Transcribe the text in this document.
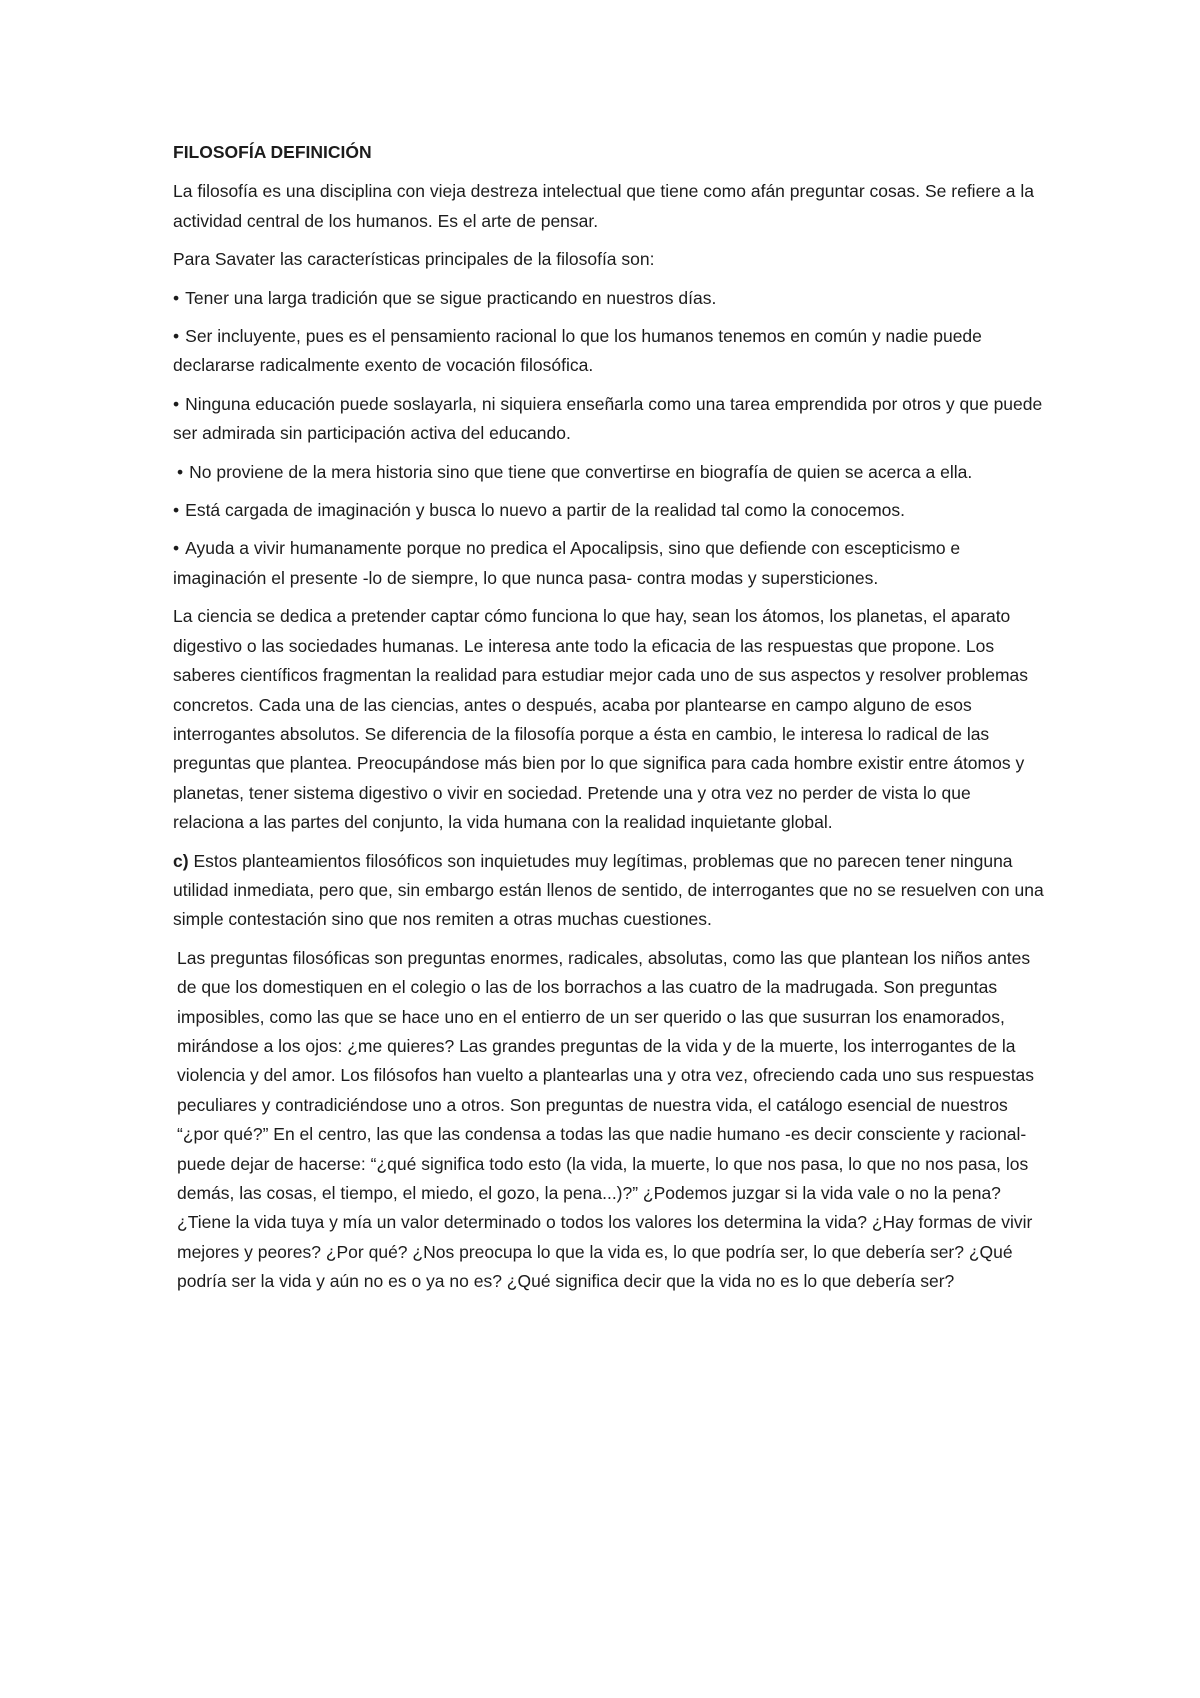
FILOSOFÍA DEFINICIÓN

La filosofía es una disciplina con vieja destreza intelectual que tiene como afán preguntar cosas. Se refiere a la actividad central de los humanos. Es el arte de pensar.

Para Savater las características principales de la filosofía son:

• Tener una larga tradición que se sigue practicando en nuestros días.

• Ser incluyente, pues es el pensamiento racional lo que los humanos tenemos en común y nadie puede declararse radicalmente exento de vocación filosófica.

• Ninguna educación puede soslayarla, ni siquiera enseñarla como una tarea emprendida por otros y que puede ser admirada sin participación activa del educando.

• No proviene de la mera historia sino que tiene que convertirse en biografía de quien se acerca a ella.

• Está cargada de imaginación y busca lo nuevo a partir de la realidad tal como la conocemos.

• Ayuda a vivir humanamente porque no predica el Apocalipsis, sino que defiende con escepticismo e imaginación el presente -lo de siempre, lo que nunca pasa- contra modas y supersticiones.

La ciencia se dedica a pretender captar cómo funciona lo que hay, sean los átomos, los planetas, el aparato digestivo o las sociedades humanas. Le interesa ante todo la eficacia de las respuestas que propone. Los saberes científicos fragmentan la realidad para estudiar mejor cada uno de sus aspectos y resolver problemas concretos. Cada una de las ciencias, antes o después, acaba por plantearse en campo alguno de esos interrogantes absolutos. Se diferencia de la filosofía porque a ésta en cambio, le interesa lo radical de las preguntas que plantea. Preocupándose más bien por lo que significa para cada hombre existir entre átomos y planetas, tener sistema digestivo o vivir en sociedad. Pretende una y otra vez no perder de vista lo que relaciona a las partes del conjunto, la vida humana con la realidad inquietante global.

c) Estos planteamientos filosóficos son inquietudes muy legítimas, problemas que no parecen tener ninguna utilidad inmediata, pero que, sin embargo están llenos de sentido, de interrogantes que no se resuelven con una simple contestación sino que nos remiten a otras muchas cuestiones.

Las preguntas filosóficas son preguntas enormes, radicales, absolutas, como las que plantean los niños antes de que los domestiquen en el colegio o las de los borrachos a las cuatro de la madrugada. Son preguntas imposibles, como las que se hace uno en el entierro de un ser querido o las que susurran los enamorados, mirándose a los ojos: ¿me quieres? Las grandes preguntas de la vida y de la muerte, los interrogantes de la violencia y del amor. Los filósofos han vuelto a plantearlas una y otra vez, ofreciendo cada uno sus respuestas peculiares y contradiciéndose uno a otros. Son preguntas de nuestra vida, el catálogo esencial de nuestros “¿por qué?” En el centro, las que las condensa a todas las que nadie humano -es decir consciente y racional- puede dejar de hacerse: “¿qué significa todo esto (la vida, la muerte, lo que nos pasa, lo que no nos pasa, los demás, las cosas, el tiempo, el miedo, el gozo, la pena...)?” ¿Podemos juzgar si la vida vale o no la pena? ¿Tiene la vida tuya y mía un valor determinado o todos los valores los determina la vida? ¿Hay formas de vivir mejores y peores? ¿Por qué? ¿Nos preocupa lo que la vida es, lo que podría ser, lo que debería ser? ¿Qué podría ser la vida y aún no es o ya no es? ¿Qué significa decir que la vida no es lo que debería ser?
